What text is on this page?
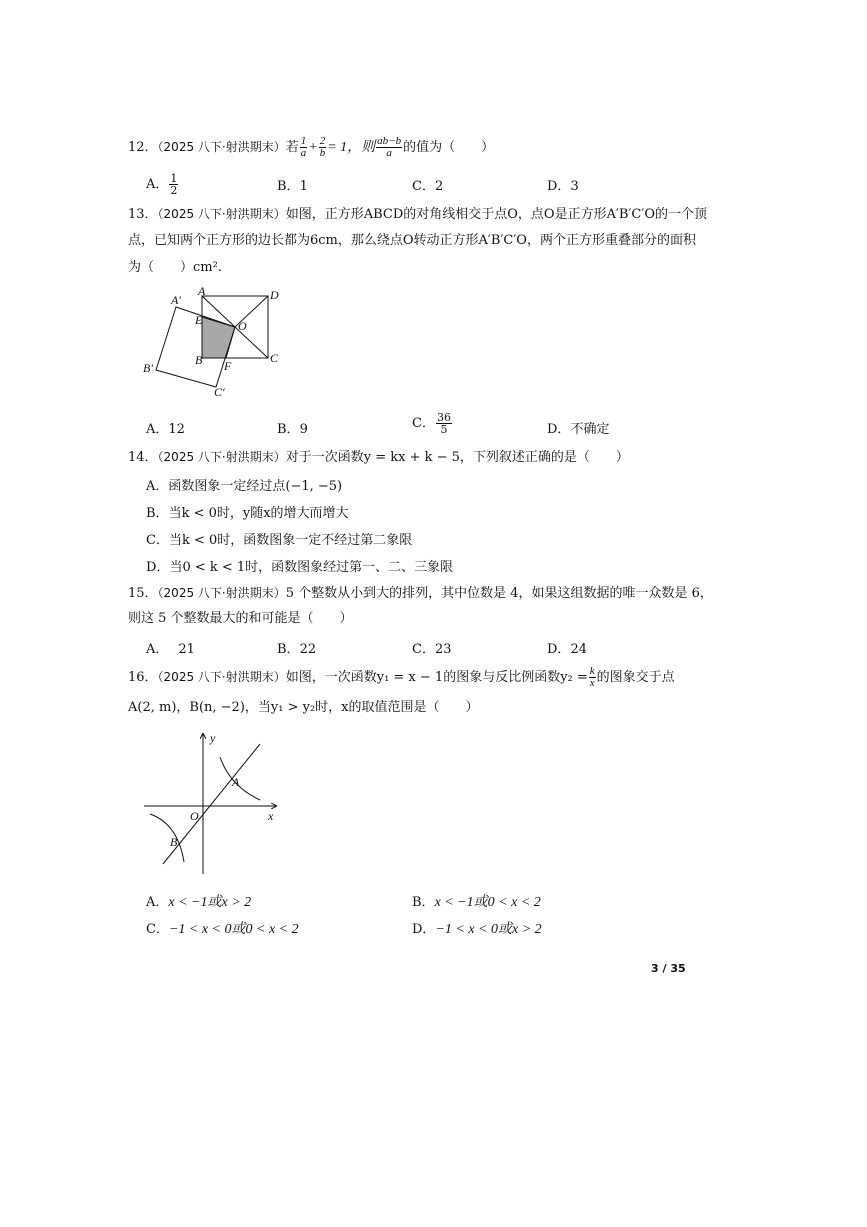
12．（2025 八下·射洪期末）若 $\frac{1}{a} + \frac{2}{b} = 1$，则 $\frac{ab-b}{a}$ 的值为（　　）
A． $\frac{1}{2}$	B．1	C．2	D．3
13．（2025 八下·射洪期末）如图，正方形ABCD的对角线相交于点O，点O是正方形A′B′C′O的一个顶
点，已知两个正方形的边长都为6cm，那么绕点O转动正方形A′B′C′O，两个正方形重叠部分的面积
为（　　）cm².
A′
A	D
E	O
B F
C
B′
C′
A．12	B．9	C． $\frac{36}{5}$	D．不确定
14．（2025 八下·射洪期末）对于一次函数y = kx + k − 5，下列叙述正确的是（　　）
A．函数图象一定经过点(−1, −5)
B．当k < 0时，y随x的增大而增大
C．当k < 0时，函数图象一定不经过第二象限
D．当0 < k < 1时，函数图象经过第一、二、三象限
15．（2025 八下·射洪期末）5 个整数从小到大的排列，其中位数是 4，如果这组数据的唯一众数是 6，
则这 5 个整数最大的和可能是（　　）
A． 21	B．22	C．23	D．24
16．（2025 八下·射洪期末）如图，一次函数y₁ = x − 1的图象与反比例函数$y_2 = \frac{k}{x}$ 的图象交于点
A(2, m)，B(n, −2)，当y₁ > y₂时，x的取值范围是（　　）
y
x
O
A
B
A．x < −1或x > 2	B．x < −1或0 < x < 2
C．−1 < x < 0或0 < x < 2	D．−1 < x < 0或x > 2
3 / 35
